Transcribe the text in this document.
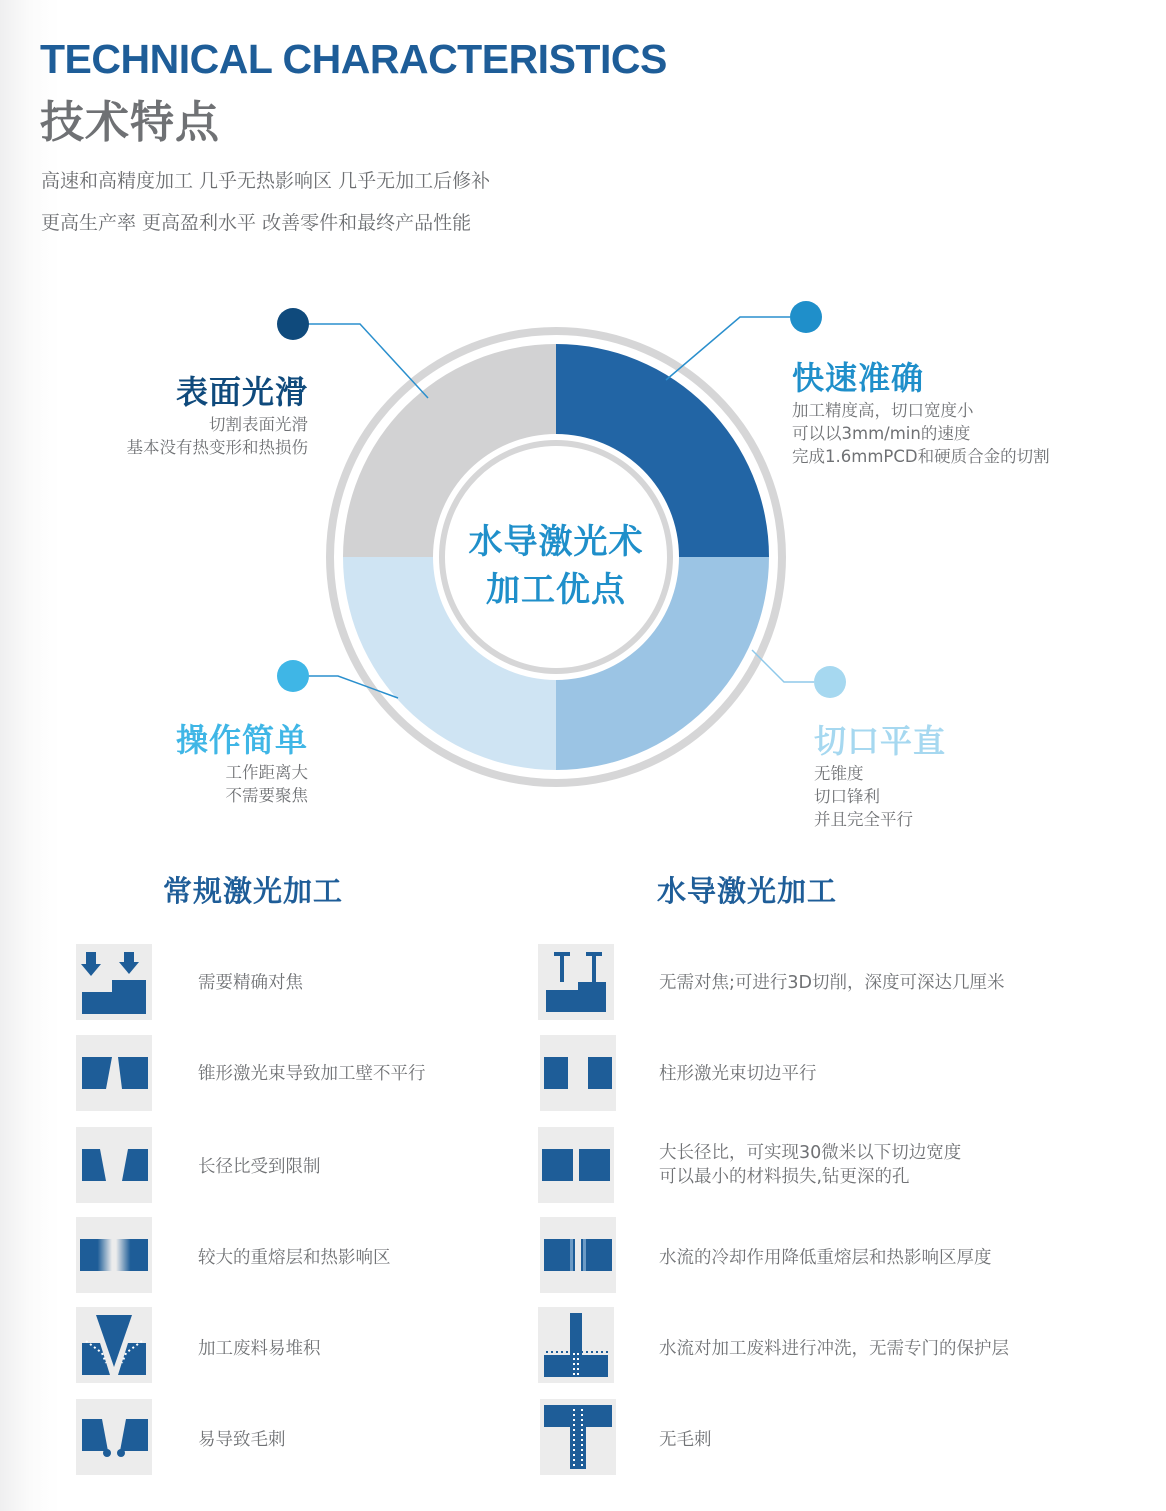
TECHNICAL CHARACTERISTICS
技术特点
高速和高精度加工 几乎无热影响区 几乎无加工后修补
更高生产率 更高盈利水平 改善零件和最终产品性能
水导激光术
加工优点
表面光滑
切割表面光滑
基本没有热变形和热损伤
快速准确
加工精度高，切口宽度小
可以以3mm/min的速度
完成1.6mmPCD和硬质合金的切割
操作简单
工作距离大
不需要聚焦
切口平直
无锥度
切口锋利
并且完全平行
常规激光加工	水导激光加工
需要精确对焦
锥形激光束导致加工壁不平行
长径比受到限制
较大的重熔层和热影响区
加工废料易堆积
易导致毛刺
无需对焦;可进行3D切削，深度可深达几厘米
柱形激光束切边平行
大长径比，可实现30微米以下切边宽度
可以最小的材料损失,钻更深的孔
水流的冷却作用降低重熔层和热影响区厚度
水流对加工废料进行冲洗，无需专门的保护层
无毛刺
